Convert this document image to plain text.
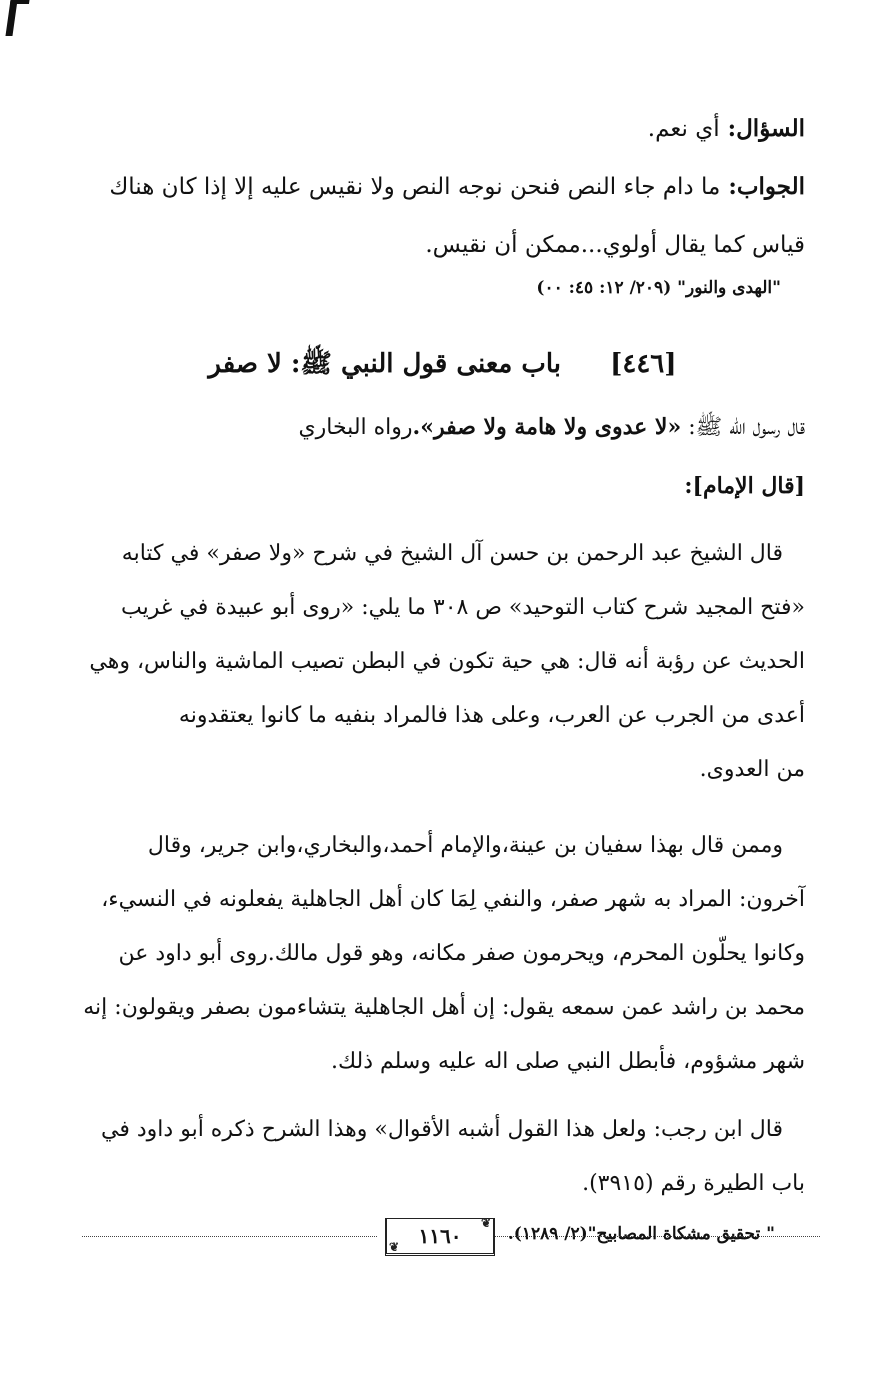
السؤال: أي نعم.

الجواب: ما دام جاء النص فنحن نوجه النص ولا نقيس عليه إلا إذا كان هناك
قياس كما يقال أولوي...ممكن أن نقيس.

"الهدى والنور" (٢٠٩/ ١٢: ٤٥: ٠٠)
[٤٤٦] باب معنى قول النبي ﷺ: لا صفر
قال رسول الله ﷺ: «لا عدوى ولا هامة ولا صفر».رواه البخاري
[قال الإمام]:
قال الشيخ عبد الرحمن بن حسن آل الشيخ في شرح «ولا صفر» في كتابه
«فتح المجيد شرح كتاب التوحيد» ص ٣٠٨ ما يلي: «روى أبو عبيدة في غريب
الحديث عن رؤبة أنه قال: هي حية تكون في البطن تصيب الماشية والناس، وهي
أعدى من الجرب عن العرب، وعلى هذا فالمراد بنفيه ما كانوا يعتقدونه
من العدوى.
وممن قال بهذا سفيان بن عينة،والإمام أحمد،والبخاري،وابن جرير، وقال
آخرون: المراد به شهر صفر، والنفي لِمَا كان أهل الجاهلية يفعلونه في النسيء،
وكانوا يحلّون المحرم، ويحرمون صفر مكانه، وهو قول مالك.روى أبو داود عن
محمد بن راشد عمن سمعه يقول: إن أهل الجاهلية يتشاءمون بصفر ويقولون: إنه
شهر مشؤوم، فأبطل النبي صلى اله عليه وسلم ذلك.
قال ابن رجب: ولعل هذا القول أشبه الأقوال» وهذا الشرح ذكره أبو داود في
باب الطيرة رقم (٣٩١٥).
" تحقيق مشكاة المصابيح"(٢/ ١٢٨٩).
❦
١١٦٠
❦
